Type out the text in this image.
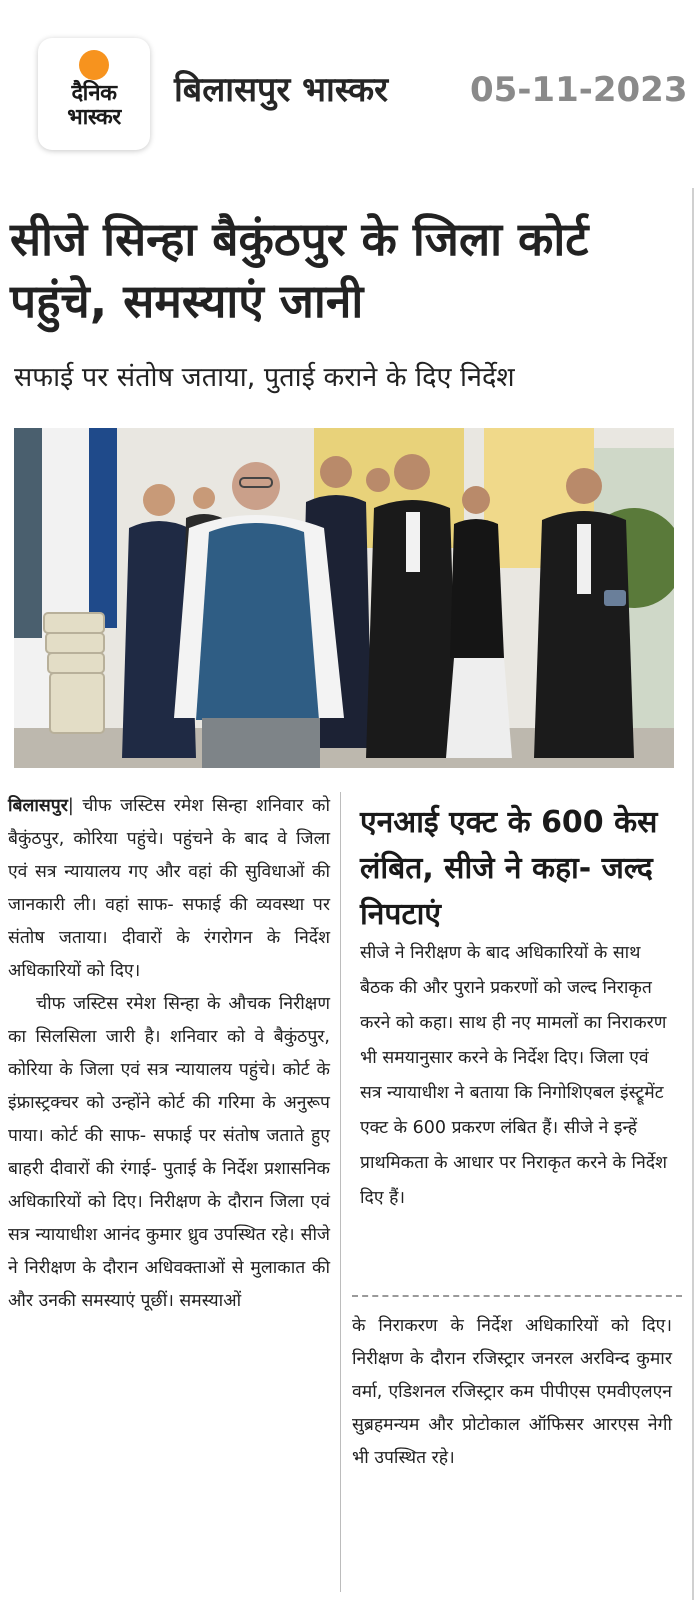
दैनिक
भास्कर
बिलासपुर भास्कर 05-11-2023
सीजे सिन्हा बैकुंठपुर के जिला कोर्ट पहुंचे, समस्याएं जानी
सफाई पर संतोष जताया, पुताई कराने के दिए निर्देश

बिलासपुर| चीफ जस्टिस रमेश सिन्हा शनिवार को बैकुंठपुर, कोरिया पहुंचे। पहुंचने के बाद वे जिला एवं सत्र न्यायालय गए और वहां की सुविधाओं की जानकारी ली। वहां साफ- सफाई की व्यवस्था पर संतोष जताया। दीवारों के रंगरोगन के निर्देश अधिकारियों को दिए।

चीफ जस्टिस रमेश सिन्हा के औचक निरीक्षण का सिलसिला जारी है। शनिवार को वे बैकुंठपुर, कोरिया के जिला एवं सत्र न्यायालय पहुंचे। कोर्ट के इंफ्रास्ट्रक्चर को उन्होंने कोर्ट की गरिमा के अनुरूप पाया। कोर्ट की साफ- सफाई पर संतोष जताते हुए बाहरी दीवारों की रंगाई- पुताई के निर्देश प्रशासनिक अधिकारियों को दिए। निरीक्षण के दौरान जिला एवं सत्र न्यायाधीश आनंद कुमार ध्रुव उपस्थित रहे। सीजे ने निरीक्षण के दौरान अधिवक्ताओं से मुलाकात की और उनकी समस्याएं पूछीं। समस्याओं

एनआई एक्ट के 600 केस लंबित, सीजे ने कहा- जल्द निपटाएं
सीजे ने निरीक्षण के बाद अधिकारियों के साथ बैठक की और पुराने प्रकरणों को जल्द निराकृत करने को कहा। साथ ही नए मामलों का निराकरण भी समयानुसार करने के निर्देश दिए। जिला एवं सत्र न्यायाधीश ने बताया कि निगोशिएबल इंस्ट्रूमेंट एक्ट के 600 प्रकरण लंबित हैं। सीजे ने इन्हें प्राथमिकता के आधार पर निराकृत करने के निर्देश दिए हैं।
के निराकरण के निर्देश अधिकारियों को दिए। निरीक्षण के दौरान रजिस्ट्रार जनरल अरविन्द कुमार वर्मा, एडिशनल रजिस्ट्रार कम पीपीएस एमवीएलएन सुब्रहमन्यम और प्रोटोकाल ऑफिसर आरएस नेगी भी उपस्थित रहे।
